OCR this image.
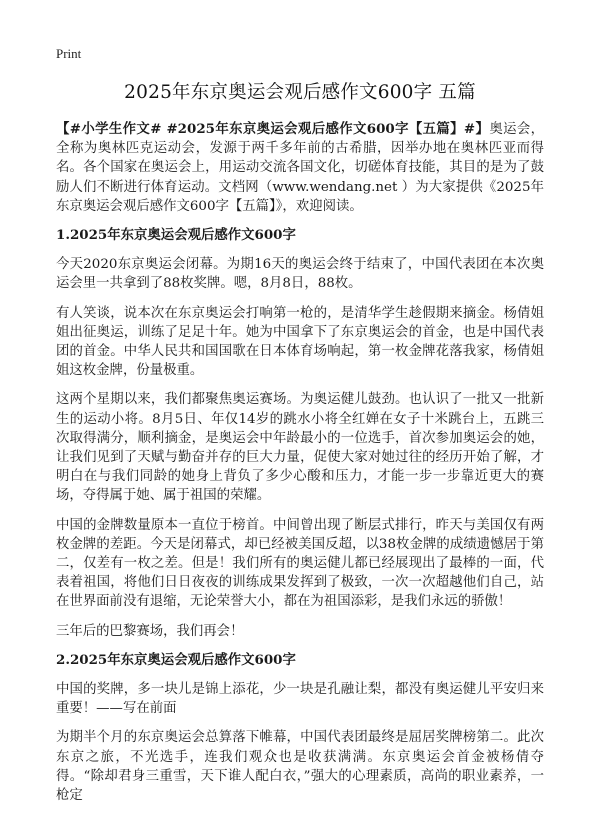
Print
2025年东京奥运会观后感作文600字 五篇

【#小学生作文# #2025年东京奥运会观后感作文600字【五篇】#】奥运会，全称为奥林匹克运动会，发源于两千多年前的古希腊，因举办地在奥林匹亚而得名。各个国家在奥运会上，用运动交流各国文化，切磋体育技能，其目的是为了鼓励人们不断进行体育运动。文档网（www.wendang.net ）为大家提供《2025年东京奥运会观后感作文600字【五篇】》，欢迎阅读。

1.2025年东京奥运会观后感作文600字

今天2020东京奥运会闭幕。为期16天的奥运会终于结束了，中国代表团在本次奥运会里一共拿到了88枚奖牌。嗯，8月8日，88枚。

有人笑谈，说本次在东京奥运会打响第一枪的，是清华学生趁假期来摘金。杨倩姐姐出征奥运，训练了足足十年。她为中国拿下了东京奥运会的首金，也是中国代表团的首金。中华人民共和国国歌在日本体育场响起，第一枚金牌花落我家，杨倩姐姐这枚金牌，份量极重。

这两个星期以来，我们都聚焦奥运赛场。为奥运健儿鼓劲。也认识了一批又一批新生的运动小将。8月5日、年仅14岁的跳水小将全红婵在女子十米跳台上，五跳三次取得满分，顺利摘金，是奥运会中年龄最小的一位选手，首次参加奥运会的她，让我们见到了天赋与勤奋并存的巨大力量，促使大家对她过往的经历开始了解，才明白在与我们同龄的她身上背负了多少心酸和压力，才能一步一步靠近更大的赛场，夺得属于她、属于祖国的荣耀。

中国的金牌数量原本一直位于榜首。中间曾出现了断层式排行，昨天与美国仅有两枚金牌的差距。今天是闭幕式，却已经被美国反超，以38枚金牌的成绩遗憾居于第二，仅差有一枚之差。但是！我们所有的奥运健儿都已经展现出了最棒的一面，代表着祖国，将他们日日夜夜的训练成果发挥到了极致，一次一次超越他们自己，站在世界面前没有退缩，无论荣誉大小，都在为祖国添彩，是我们永远的骄傲！

三年后的巴黎赛场，我们再会！

2.2025年东京奥运会观后感作文600字

中国的奖牌，多一块儿是锦上添花，少一块是孔融让梨，都没有奥运健儿平安归来重要！——写在前面

为期半个月的东京奥运会总算落下帷幕，中国代表团最终是屈居奖牌榜第二。此次东京之旅，不光选手，连我们观众也是收获满满。东京奥运会首金被杨倩夺得。“除却君身三重雪，天下谁人配白衣，”强大的心理素质，高尚的职业素养，一枪定
